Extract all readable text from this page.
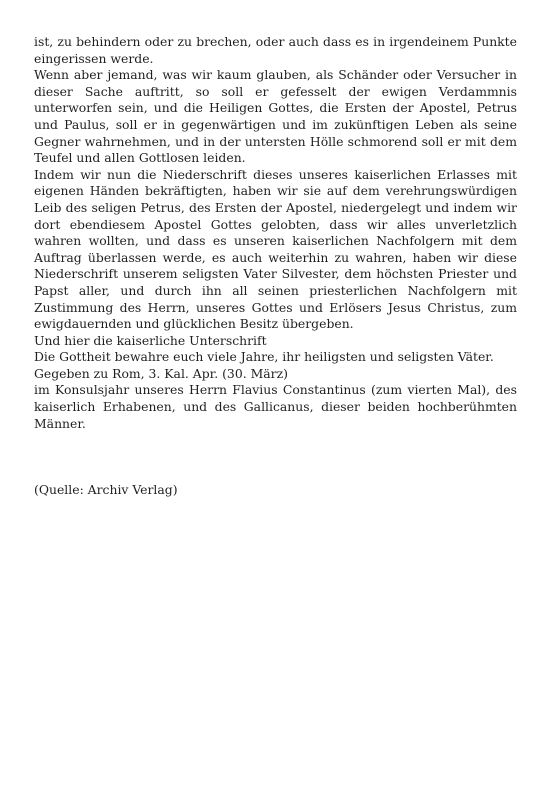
ist, zu behindern oder zu brechen, oder auch dass es in irgendeinem Punkte eingerissen werde.

Wenn aber jemand, was wir kaum glauben, als Schänder oder Versucher in dieser Sache auftritt, so soll er gefesselt der ewigen Verdammnis unterworfen sein, und die Heiligen Gottes, die Ersten der Apostel, Petrus und Paulus, soll er in gegenwärtigen und im zukünftigen Leben als seine Gegner wahrnehmen, und in der untersten Hölle schmorend soll er mit dem Teufel und allen Gottlosen leiden.

Indem wir nun die Niederschrift dieses unseres kaiserlichen Erlasses mit eigenen Händen bekräftigten, haben wir sie auf dem verehrungswürdigen Leib des seligen Petrus, des Ersten der Apostel, niedergelegt und indem wir dort ebendiesem Apostel Gottes gelobten, dass wir alles unverletzlich wahren wollten, und dass es unseren kaiserlichen Nachfolgern mit dem Auftrag überlassen werde, es auch weiterhin zu wahren, haben wir diese Niederschrift unserem seligsten Vater Silvester, dem höchsten Priester und Papst aller, und durch ihn all seinen priesterlichen Nachfolgern mit Zustimmung des Herrn, unseres Gottes und Erlösers Jesus Christus, zum ewigdauernden und glücklichen Besitz übergeben.

Und hier die kaiserliche Unterschrift

Die Gottheit bewahre euch viele Jahre, ihr heiligsten und seligsten Väter.

Gegeben zu Rom, 3. Kal. Apr. (30. März)

im Konsulsjahr unseres Herrn Flavius Constantinus (zum vierten Mal), des kaiserlich Erhabenen, und des Gallicanus, dieser beiden hochberühmten Männer.

(Quelle: Archiv Verlag)
